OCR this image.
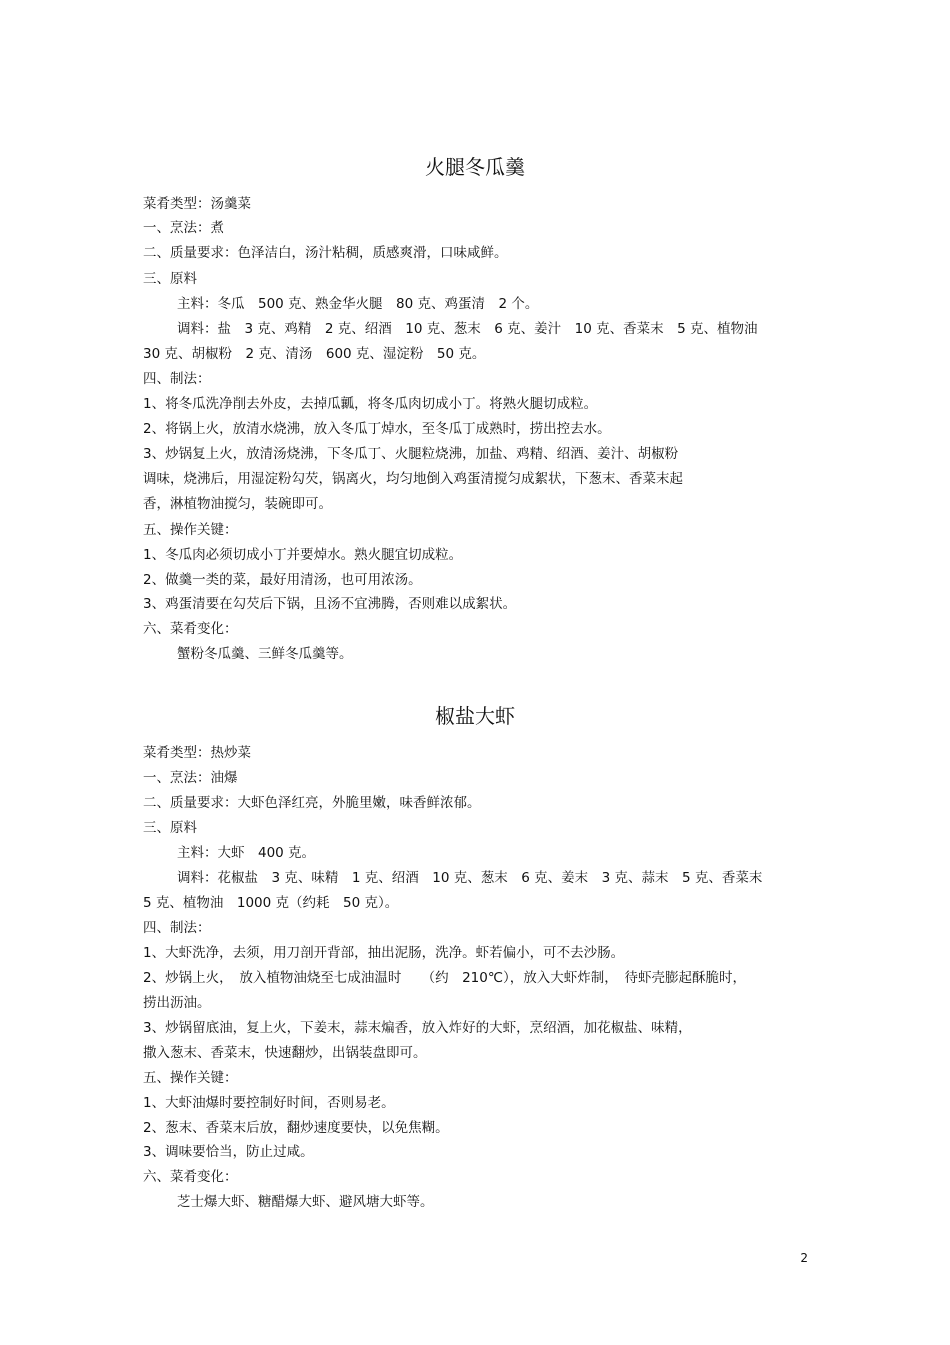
火腿冬瓜羹
菜肴类型：汤羹菜
一、烹法：煮
二、质量要求：色泽洁白，汤汁粘稠，质感爽滑，口味咸鲜。
三、原料
主料：冬瓜　500 克、熟金华火腿　80 克、鸡蛋清　2 个。
调料：盐　3 克、鸡精　2 克、绍酒　10 克、葱末　6 克、姜汁　10 克、香菜末　5 克、植物油
30 克、胡椒粉　2 克、清汤　600 克、湿淀粉　50 克。
四、制法：
1、将冬瓜洗净削去外皮，去掉瓜瓤，将冬瓜肉切成小丁。将熟火腿切成粒。
2、将锅上火，放清水烧沸，放入冬瓜丁焯水，至冬瓜丁成熟时，捞出控去水。
3、炒锅复上火，放清汤烧沸，下冬瓜丁、火腿粒烧沸，加盐、鸡精、绍酒、姜汁、胡椒粉
调味，烧沸后，用湿淀粉勾芡，锅离火，均匀地倒入鸡蛋清搅匀成絮状，下葱末、香菜末起
香，淋植物油搅匀，装碗即可。
五、操作关键：
1、冬瓜肉必须切成小丁并要焯水。熟火腿宜切成粒。
2、做羹一类的菜，最好用清汤，也可用浓汤。
3、鸡蛋清要在勾芡后下锅，且汤不宜沸腾，否则难以成絮状。
六、菜肴变化：
蟹粉冬瓜羹、三鲜冬瓜羹等。
椒盐大虾
菜肴类型：热炒菜
一、烹法：油爆
二、质量要求：大虾色泽红亮，外脆里嫩，味香鲜浓郁。
三、原料
主料：大虾　400 克。
调料：花椒盐　3 克、味精　1 克、绍酒　10 克、葱末　6 克、姜末　3 克、蒜末　5 克、香菜末
5 克、植物油　1000 克（约耗　50 克）。
四、制法：
1、大虾洗净，去须，用刀剖开背部，抽出泥肠，洗净。虾若偏小，可不去沙肠。
2、炒锅上火，　放入植物油烧至七成油温时　　（约　210℃），放入大虾炸制，　待虾壳膨起酥脆时，
捞出沥油。
3、炒锅留底油，复上火，下姜末，蒜末煸香，放入炸好的大虾，烹绍酒，加花椒盐、味精，
撒入葱末、香菜末，快速翻炒，出锅装盘即可。
五、操作关键：
1、大虾油爆时要控制好时间，否则易老。
2、葱末、香菜末后放，翻炒速度要快，以免焦糊。
3、调味要恰当，防止过咸。
六、菜肴变化：
芝士爆大虾、糖醋爆大虾、避风塘大虾等。
2
